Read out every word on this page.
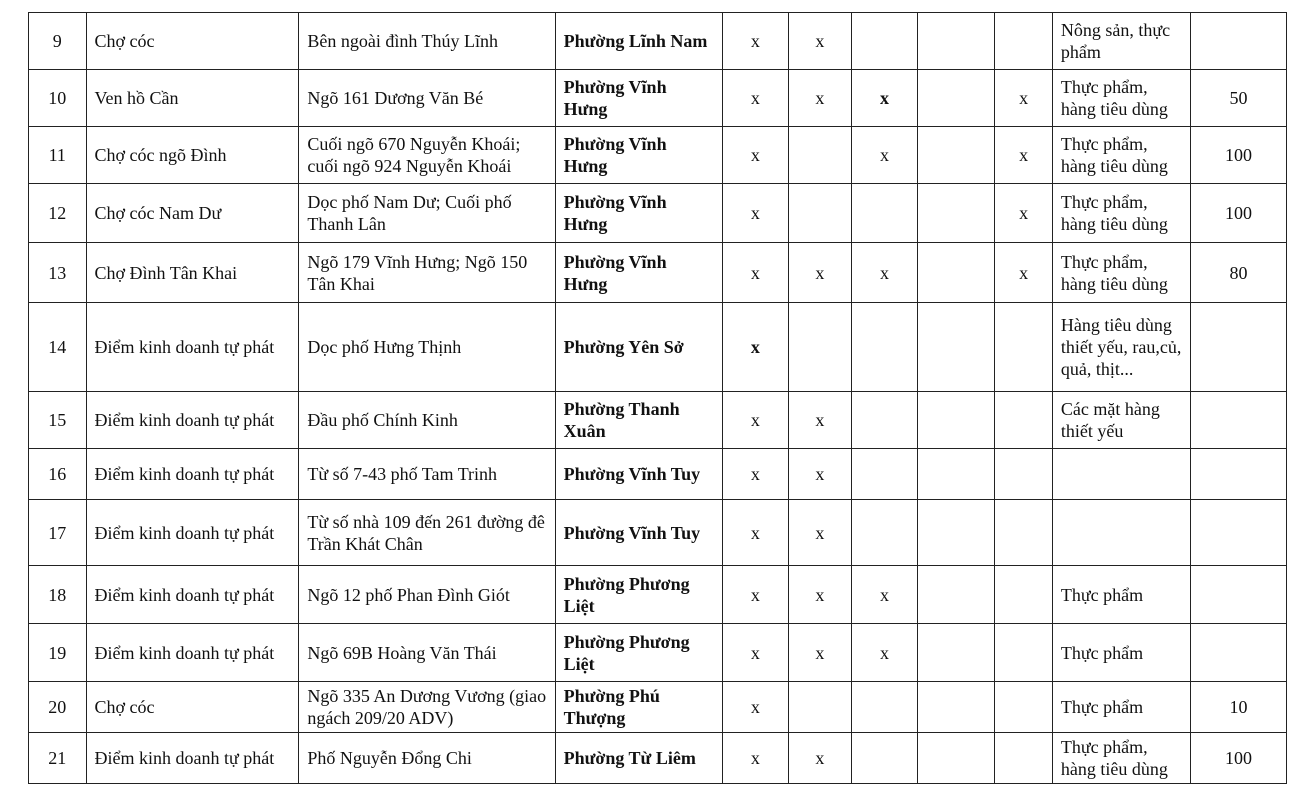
9	Chợ cóc	Bên ngoài đình Thúy Lĩnh	Phường Lĩnh Nam	x	x				Nông sản, thực phẩm	
10	Ven hồ Cần	Ngõ 161 Dương Văn Bé	Phường Vĩnh Hưng	x	x	x		x	Thực phẩm, hàng tiêu dùng	50
11	Chợ cóc ngõ Đình	Cuối ngõ 670 Nguyễn Khoái; cuối ngõ 924 Nguyễn Khoái	Phường Vĩnh Hưng	x		x		x	Thực phẩm, hàng tiêu dùng	100
12	Chợ cóc Nam Dư	Dọc phố Nam Dư; Cuối phố Thanh Lân	Phường Vĩnh Hưng	x				x	Thực phẩm, hàng tiêu dùng	100
13	Chợ Đình Tân Khai	Ngõ 179 Vĩnh Hưng; Ngõ 150 Tân Khai	Phường Vĩnh Hưng	x	x	x		x	Thực phẩm, hàng tiêu dùng	80
14	Điểm kinh doanh tự phát	Dọc phố Hưng Thịnh	Phường Yên Sở	x					Hàng tiêu dùng thiết yếu, rau,củ, quả, thịt...	
15	Điểm kinh doanh tự phát	Đầu phố Chính Kinh	Phường Thanh Xuân	x	x				Các mặt hàng thiết yếu	
16	Điểm kinh doanh tự phát	Từ số 7-43 phố Tam Trinh	Phường Vĩnh Tuy	x	x					
17	Điểm kinh doanh tự phát	Từ số nhà 109 đến 261 đường đê Trần Khát Chân	Phường Vĩnh Tuy	x	x					
18	Điểm kinh doanh tự phát	Ngõ 12 phố Phan Đình Giót	Phường Phương Liệt	x	x	x			Thực phẩm	
19	Điểm kinh doanh tự phát	Ngõ 69B Hoàng Văn Thái	Phường Phương Liệt	x	x	x			Thực phẩm	
20	Chợ cóc	Ngõ 335 An Dương Vương (giao ngách 209/20 ADV)	Phường Phú Thượng	x					Thực phẩm	10
21	Điểm kinh doanh tự phát	Phố Nguyễn Đổng Chi	Phường Từ Liêm	x	x				Thực phẩm, hàng tiêu dùng	100
